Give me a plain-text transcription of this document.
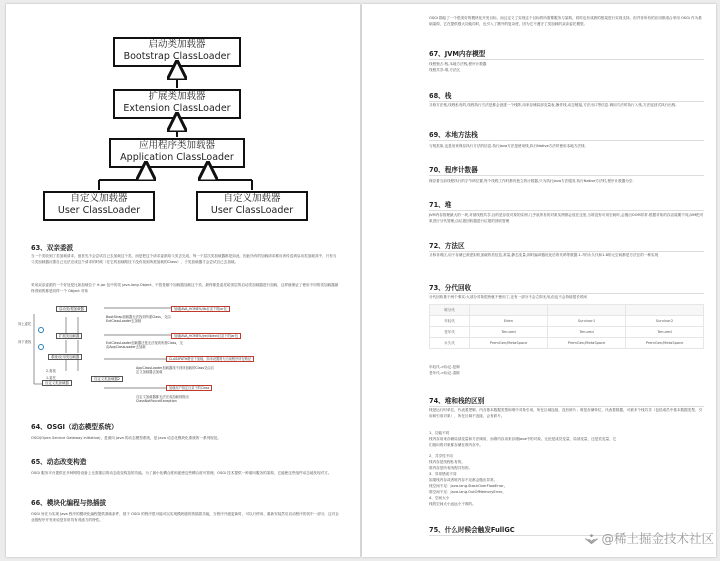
启动类加载器
Bootstrap ClassLoader
扩展类加载器
Extension ClassLoader
应用程序类加载器
Application ClassLoader
自定义加载器
User ClassLoader
自定义加载器
User ClassLoader
63、双亲委派
当一个类收到了类加载请求，他首先不会尝试自己去加载这个类，而是把这个请求委派给父类去完成，每一个层次类加载器都是如此，因此所有的加载请求都应该传送到启动类加载其中，只有当父类加载器反馈自己无法完成这个请求的时候（在它的加载路径下没有找到所需加载的Class），子类加载器才会尝试自己去加载。
采用双亲委派的一个好处是比如加载位于 rt.jar 包中的类 java.lang.Object，不管是哪个加载器加载这个类，最终都是委托给顶层的启动类加载器进行加载，这样就保证了使用不同的类加载器最终得到的都是同样一个 Object 对象
启动类/根加载器
扩展类加载器
系统/应用类加载器
自定义类加载器
自定义类加载器2
加载JAVA_HOME%/lib目录下的jar包
BootStrap加载器无法找到所需Class，交由ExtClassLoader去加载
加载JAVA_HOME%/jre/lib/ext目录下的jar包
ExtClassLoader加载器还是无法找到所需Class，交由AppClassLoader去加载
CLASSPATH路径下加载，如未设置则为当前程序所在路径
AppClassLoader加载器找不到所加载的Class交由自定义加载器去加载
加载用户指定目录下的Class
自定义加载器都无法完成加载则抛出ClassNotFoundException
1.委托
2.查找
向上委托
向下查找
64、OSGI（动态模型系统）
OSGi(Open Service Gateway Initiative)，是面向 Java 的动态模型系统，是 Java 动态化模块化系统的一系列规范。
65、动态改变构造
OSGi 服务平台提供在多种网络设备上无需重启的动态改变构造的功能。为了最小化耦合度和促使这些耦合度可管理，OSGi 技术提供一种面向服务的架构，它能使这些组件动态地发现对方。
66、模块化编程与热插拔
OSGi 旨在为实现 Java 程序的模块化编程提供基础条件，基于 OSGi 的程序很可能可以实现模块级的热插拔功能，当程序升级更新时，可以只停用、重新安装然后启动程序的其中一部分，这对企业级程序开发来说是非常具有诱惑力的特性。
OSGi 描绘了一个很美好的模块化开发目标，而且定义了实现这个目标的所需要服务与架构，同时也有成熟的框架进行实现支持。但并非所有的应用都适合采用 OSGi 作为基础架构，它在提供强大功能同时，也引入了额外的复杂度，因为它不遵守了类加载的双亲委托模型。
67、JVM内存模型
线程独占:栈,本地方法栈,程序计数器
线程共享:堆,方法区
68、栈
又称方法栈,线程私有的,线程执行方法是都会创建一个栈阵,用来存储局部变量表,操作栈,动态链接,方法出口等信息.调用方法时执行入栈,方法返回式执行出栈.
69、本地方法栈
与栈类似,也是用来保存执行方法的信息.执行Java方法是使用栈,执行Native方法时使用本地方法栈.
70、程序计数器
保存着当前线程执行的字节码位置,每个线程工作时都有独立的计数器,只为执行Java方法服务,执行Native方法时,程序计数器为空.
71、堆
JVM内存管理最大的一块,对被线程共享,目的是存放对象的实例,几乎欲所有的对象实例都会放在这里,当堆没有可用空间时,会抛出OOM异常.根据对象的存活周期不同,JVM把对象进行分代管理,由垃圾回收器进行垃圾的回收管理
72、方法区
又称非堆区,用于存储已被虚拟机加载的类信息,常量,静态变量,即时编译器优化后的代码等数据.1.7的永久代和1.8的元空间都是方法区的一种实现
73、分代回收
分代回收基于两个事实:大部分对象很快就不使用了,还有一部分不会立即无用,但也不会持续很长时间
堆分代			
年轻代	Eden	Survivor1	Survivor2
老年代	Tenured	Tenured	Tenured
永久代	PremGen/MetaSpace	PremGen/MetaSpace	PremGen/MetaSpace
年轻代->标记-复制
老年代->标记-清除
74、堆和栈的区别
栈是运行时单位，代表着逻辑，内含基本数据类型和堆中对象引用，所在区域连续，没有碎片；堆是存储单位，代表着数据，可被多个栈共享（包括成员中基本数据类型、引用和引用对象），所在区域不连续，会有碎片。
1、功能不同
栈内存用来存储局部变量和方法调用，而堆内存用来存储Java中的对象。无论是成员变量，局部变量，还是类变量，它们指向的对象都存储在堆内存中。
2、共享性不同
栈内存是线程私有的。
堆内存是所有线程共有的。
3、异常错误不同
如果栈内存或者堆内存不足都会抛出异常。
栈空间不足：java.lang.StackOverFlowError。
堆空间不足：java.lang.OutOfMemoryError。
4、空间大小
栈的空间大小远远小于堆的。
75、什么时候会触发FullGC
@稀土掘金技术社区
